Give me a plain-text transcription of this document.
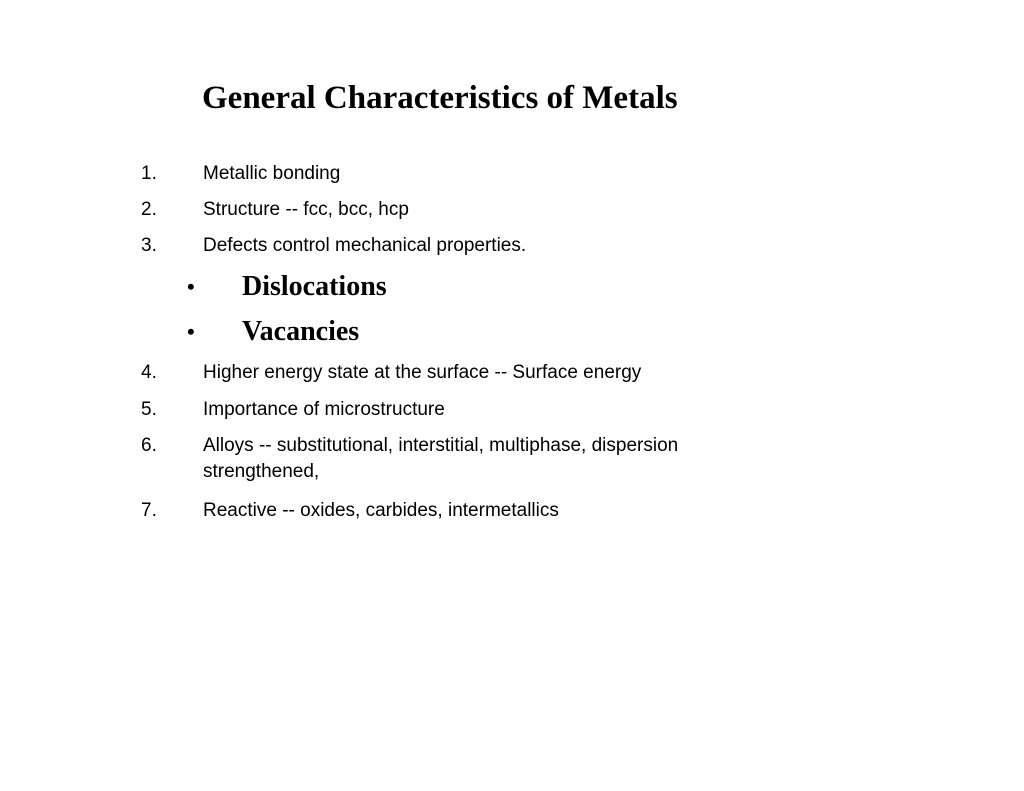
General Characteristics of Metals
1.	Metallic bonding
2.	Structure -- fcc, bcc, hcp
3.	Defects control mechanical properties.
• Dislocations
• Vacancies
4.	Higher energy state at the surface -- Surface energy
5.	Importance of microstructure
6.	Alloys -- substitutional, interstitial, multiphase, dispersion strengthened,
7.	Reactive -- oxides, carbides, intermetallics
